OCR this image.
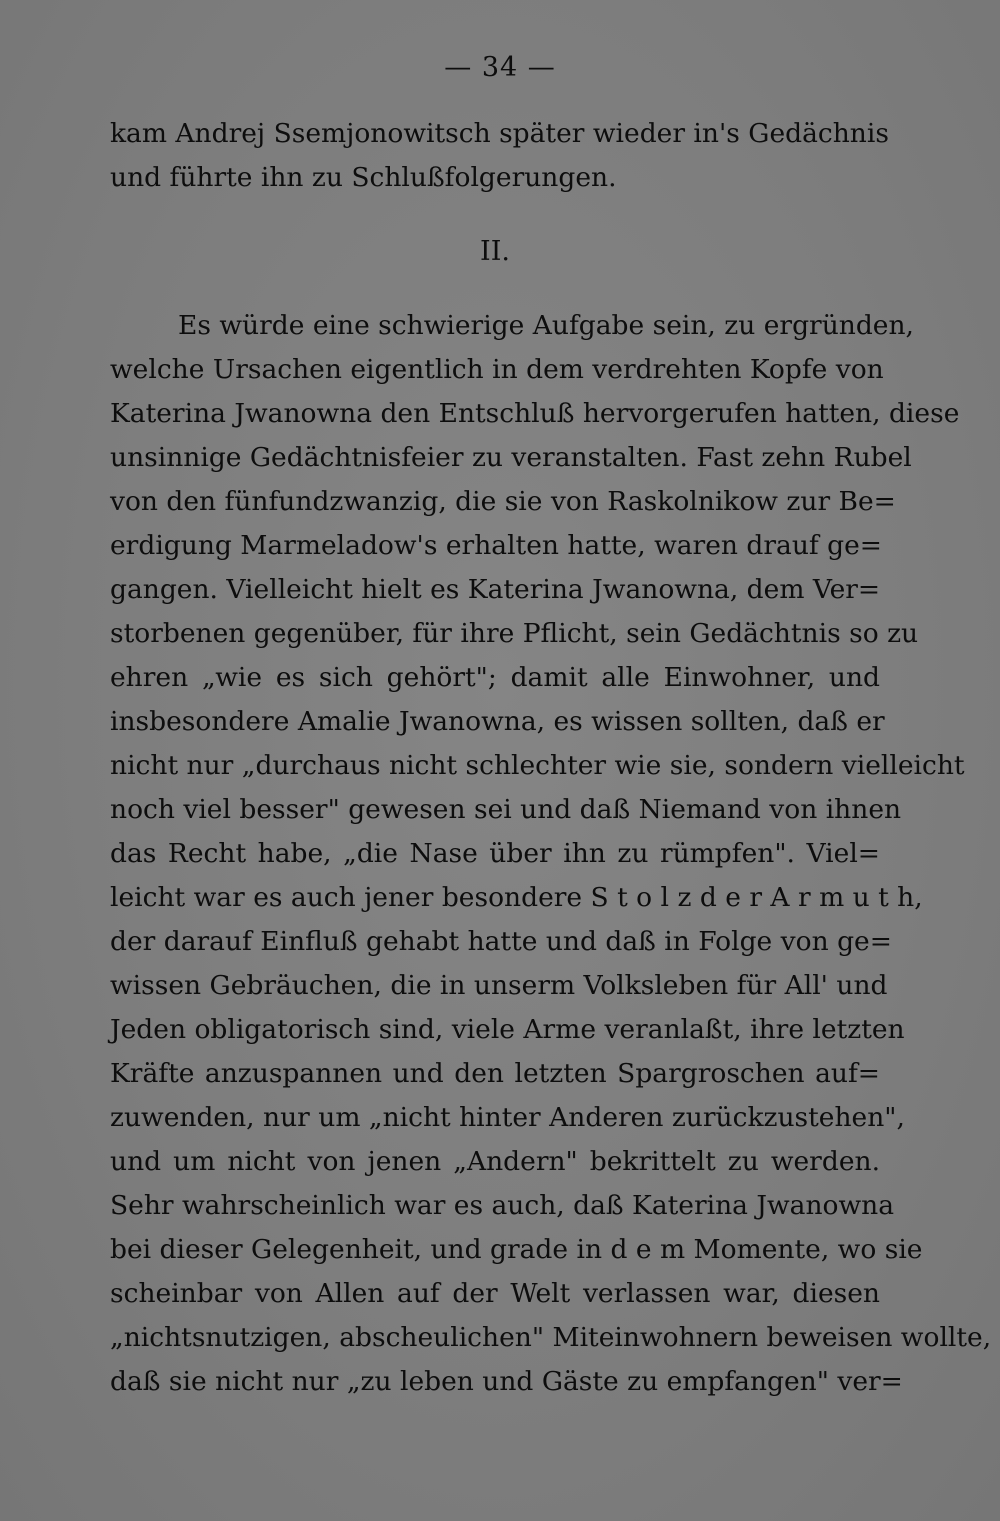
— 34 —
kam Andrej Ssemjonowitsch später wieder in's Gedächnis
und führte ihn zu Schlußfolgerungen.
II.
Es würde eine schwierige Aufgabe sein, zu ergründen,
welche Ursachen eigentlich in dem verdrehten Kopfe von
Katerina Jwanowna den Entschluß hervorgerufen hatten, diese
unsinnige Gedächtnisfeier zu veranstalten. Fast zehn Rubel
von den fünfundzwanzig, die sie von Raskolnikow zur Be=
erdigung Marmeladow's erhalten hatte, waren drauf ge=
gangen. Vielleicht hielt es Katerina Jwanowna, dem Ver=
storbenen gegenüber, für ihre Pflicht, sein Gedächtnis so zu
ehren „wie es sich gehört"; damit alle Einwohner, und
insbesondere Amalie Jwanowna, es wissen sollten, daß er
nicht nur „durchaus nicht schlechter wie sie, sondern vielleicht
noch viel besser" gewesen sei und daß Niemand von ihnen
das Recht habe, „die Nase über ihn zu rümpfen". Viel=
leicht war es auch jener besondere S t o l z d e r A r m u t h,
der darauf Einfluß gehabt hatte und daß in Folge von ge=
wissen Gebräuchen, die in unserm Volksleben für All' und
Jeden obligatorisch sind, viele Arme veranlaßt, ihre letzten
Kräfte anzuspannen und den letzten Spargroschen auf=
zuwenden, nur um „nicht hinter Anderen zurückzustehen",
und um nicht von jenen „Andern" bekrittelt zu werden.
Sehr wahrscheinlich war es auch, daß Katerina Jwanowna
bei dieser Gelegenheit, und grade in d e m Momente, wo sie
scheinbar von Allen auf der Welt verlassen war, diesen
„nichtsnutzigen, abscheulichen" Miteinwohnern beweisen wollte,
daß sie nicht nur „zu leben und Gäste zu empfangen" ver=
